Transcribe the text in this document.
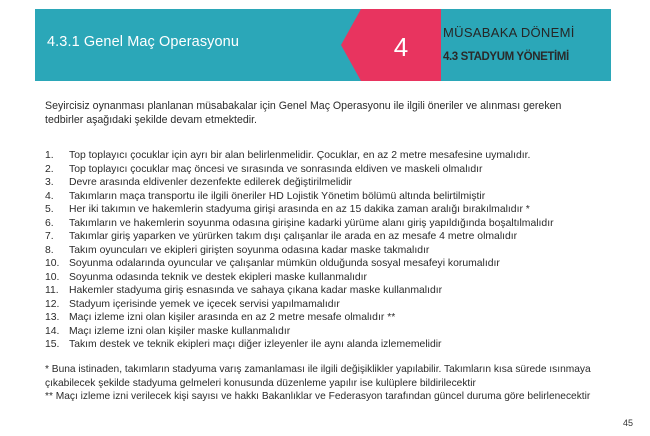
4.3.1 Genel Maç Operasyonu	4	MÜSABAKA DÖNEMİ
4.3 STADYUM YÖNETİMİ

Seyircisiz oynanması planlanan müsabakalar için Genel Maç Operasyonu ile ilgili öneriler ve alınması gereken

tedbirler aşağıdaki şekilde devam etmektedir.

1.	Top toplayıcı çocuklar için ayrı bir alan belirlenmelidir. Çocuklar, en az 2 metre mesafesine uymalıdır.
2.	Top toplayıcı çocuklar maç öncesi ve sırasında ve sonrasında eldiven ve maskeli olmalıdır
3.	Devre arasında eldivenler dezenfekte edilerek değiştirilmelidir
4.	Takımların maça transportu ile ilgili öneriler HD Lojistik Yönetim bölümü altında belirtilmiştir
5.	Her iki takımın ve hakemlerin stadyuma girişi arasında en az 15 dakika zaman aralığı bırakılmalıdır *
6.	Takımların ve hakemlerin soyunma odasına girişine kadarki yürüme alanı giriş yapıldığında boşaltılmalıdır
7.	Takımlar giriş yaparken ve yürürken takım dışı çalışanlar ile arada en az mesafe 4 metre olmalıdır
8.	Takım oyuncuları ve ekipleri girişten soyunma odasına kadar maske takmalıdır
10. Soyunma odalarında oyuncular ve çalışanlar mümkün olduğunda sosyal mesafeyi korumalıdır
10. Soyunma odasında teknik ve destek ekipleri maske kullanmalıdır
11. Hakemler stadyuma giriş esnasında ve sahaya çıkana kadar maske kullanmalıdır
12. Stadyum içerisinde yemek ve içecek servisi yapılmamalıdır
13. Maçı izleme izni olan kişiler arasında en az 2 metre mesafe olmalıdır **
14. Maçı izleme izni olan kişiler maske kullanmalıdır
15. Takım destek ve teknik ekipleri maçı diğer izleyenler ile aynı alanda izlememelidir

* Buna istinaden, takımların stadyuma varış zamanlaması ile ilgili değişiklikler yapılabilir. Takımların kısa sürede ısınmaya

çıkabilecek şekilde stadyuma gelmeleri konusunda düzenleme yapılır ise kulüplere bildirilecektir

** Maçı izleme izni verilecek kişi sayısı ve hakkı Bakanlıklar ve Federasyon tarafından güncel duruma göre belirlenecektir

45
